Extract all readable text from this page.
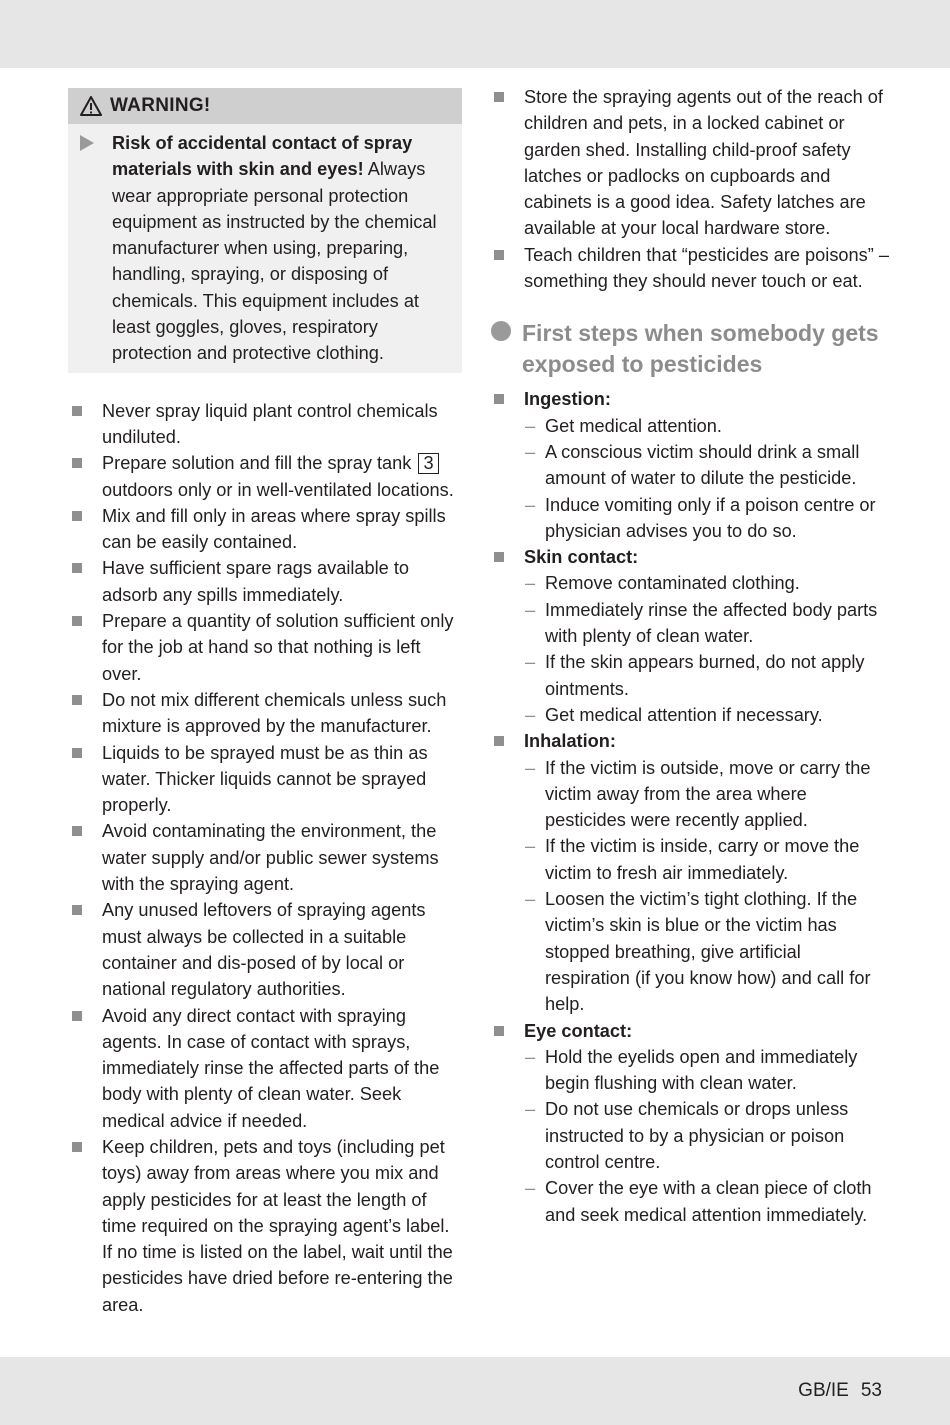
WARNING!
Risk of accidental contact of spray materials with skin and eyes! Always wear appropriate personal protection equipment as instructed by the chemical manufacturer when using, preparing, handling, spraying, or disposing of chemicals. This equipment includes at least goggles, gloves, respiratory protection and protective clothing.
Never spray liquid plant control chemicals undiluted.
Prepare solution and fill the spray tank 3 outdoors only or in well-ventilated locations.
Mix and fill only in areas where spray spills can be easily contained.
Have sufficient spare rags available to adsorb any spills immediately.
Prepare a quantity of solution sufficient only for the job at hand so that nothing is left over.
Do not mix different chemicals unless such mixture is approved by the manufacturer.
Liquids to be sprayed must be as thin as water. Thicker liquids cannot be sprayed properly.
Avoid contaminating the environment, the water supply and/or public sewer systems with the spraying agent.
Any unused leftovers of spraying agents must always be collected in a suitable container and dis-posed of by local or national regulatory authorities.
Avoid any direct contact with spraying agents. In case of contact with sprays, immediately rinse the affected parts of the body with plenty of clean water. Seek medical advice if needed.
Keep children, pets and toys (including pet toys) away from areas where you mix and apply pesticides for at least the length of time required on the spraying agent’s label. If no time is listed on the label, wait until the pesticides have dried before re-entering the area.
Store the spraying agents out of the reach of children and pets, in a locked cabinet or garden shed. Installing child-proof safety latches or padlocks on cupboards and cabinets is a good idea. Safety latches are available at your local hardware store.
Teach children that “pesticides are poisons” – something they should never touch or eat.
First steps when somebody gets exposed to pesticides
Ingestion:
– Get medical attention.
– A conscious victim should drink a small amount of water to dilute the pesticide.
– Induce vomiting only if a poison centre or physician advises you to do so.
Skin contact:
– Remove contaminated clothing.
– Immediately rinse the affected body parts with plenty of clean water.
– If the skin appears burned, do not apply ointments.
– Get medical attention if necessary.
Inhalation:
– If the victim is outside, move or carry the victim away from the area where pesticides were recently applied.
– If the victim is inside, carry or move the victim to fresh air immediately.
– Loosen the victim’s tight clothing. If the victim’s skin is blue or the victim has stopped breathing, give artificial respiration (if you know how) and call for help.
Eye contact:
– Hold the eyelids open and immediately begin flushing with clean water.
– Do not use chemicals or drops unless instructed to by a physician or poison control centre.
– Cover the eye with a clean piece of cloth and seek medical attention immediately.
GB/IE 53
